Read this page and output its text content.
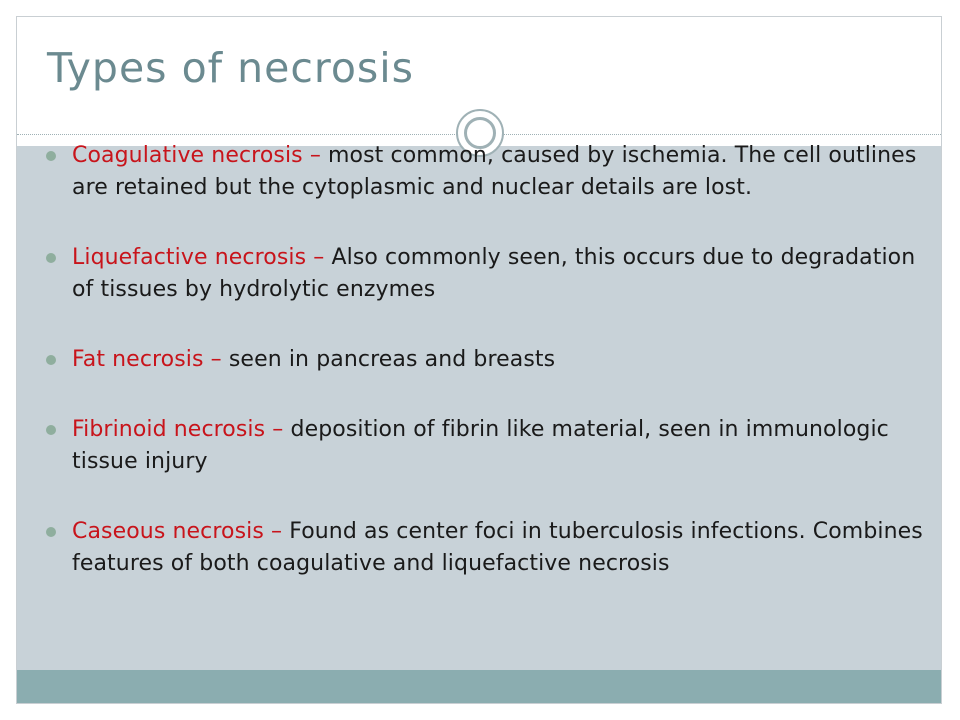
Types of necrosis
Coagulative necrosis – most common, caused by ischemia. The cell outlines are retained but the cytoplasmic and nuclear details are lost.
Liquefactive necrosis – Also commonly seen, this occurs due to degradation of tissues by hydrolytic enzymes
Fat necrosis – seen in pancreas and breasts
Fibrinoid necrosis – deposition of fibrin like material, seen in immunologic tissue injury
Caseous necrosis – Found as center foci in tuberculosis infections. Combines features of both coagulative and liquefactive necrosis
